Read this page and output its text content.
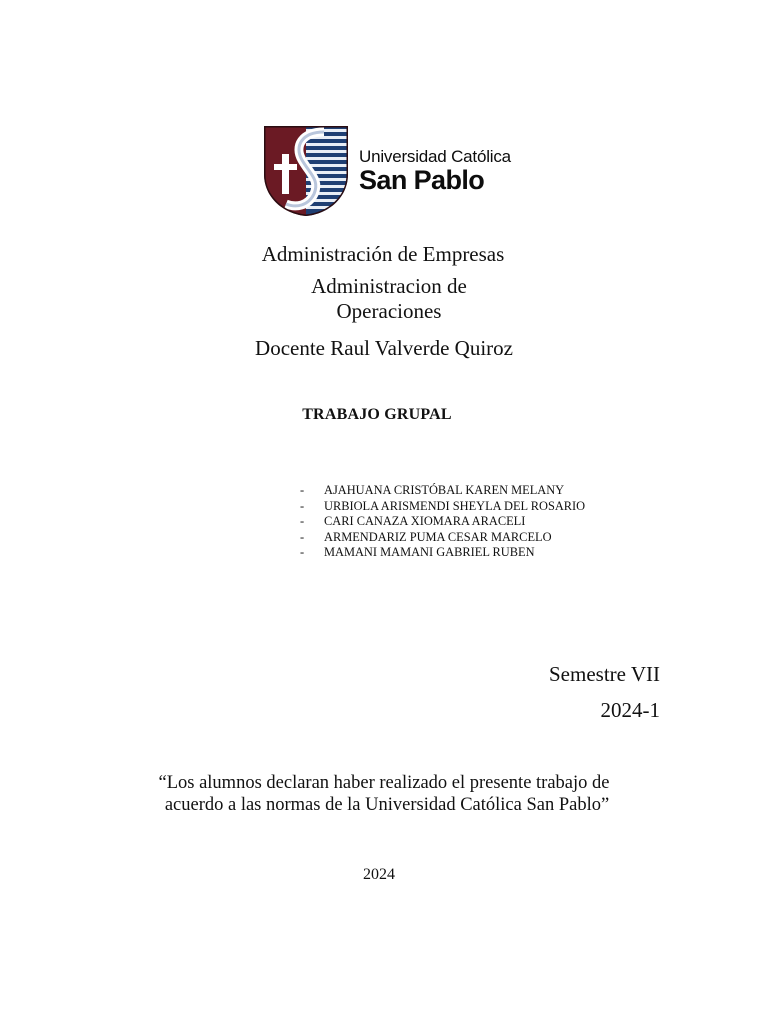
Universidad Católica
San Pablo
Administración de Empresas
Administracion de
Operaciones
Docente Raul Valverde Quiroz
TRABAJO GRUPAL
- AJAHUANA CRISTÓBAL KAREN MELANY
- URBIOLA ARISMENDI SHEYLA DEL ROSARIO
- CARI CANAZA XIOMARA ARACELI
- ARMENDARIZ PUMA CESAR MARCELO
- MAMANI MAMANI GABRIEL RUBEN
Semestre VII
2024-1
“Los alumnos declaran haber realizado el presente trabajo de
acuerdo a las normas de la Universidad Católica San Pablo”
2024
